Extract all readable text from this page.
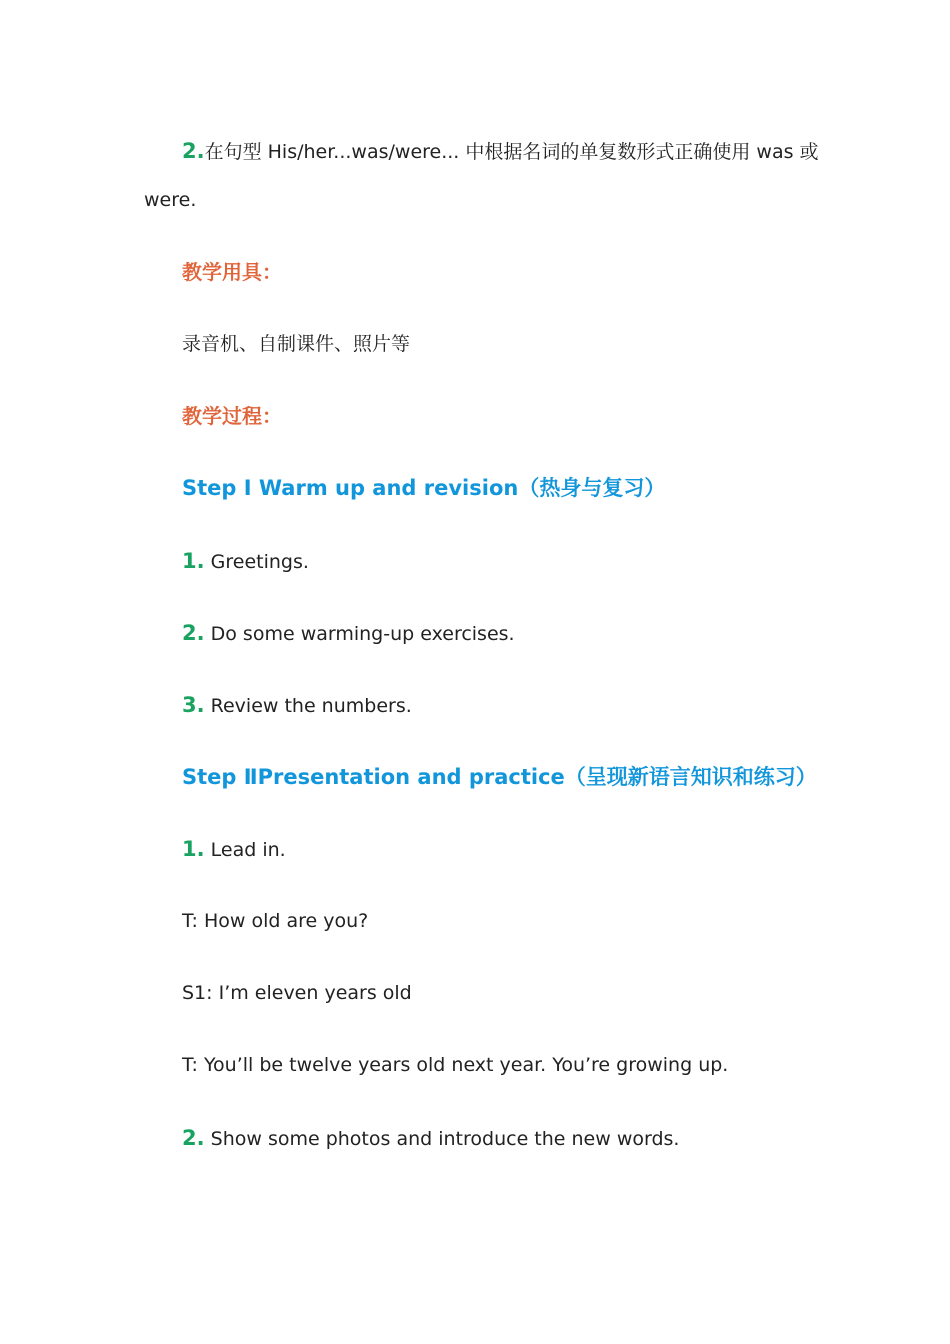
2.在句型 His/her...was/were... 中根据名词的单复数形式正确使用 was 或
were.
教学用具：
录音机、自制课件、照片等
教学过程：
Step I Warm up and revision（热身与复习）
1. Greetings.
2. Do some warming-up exercises.
3. Review the numbers.
Step ⅡPresentation and practice（呈现新语言知识和练习）
1. Lead in.
T: How old are you?
S1: I’m eleven years old
T: You’ll be twelve years old next year. You’re growing up.
2. Show some photos and introduce the new words.
